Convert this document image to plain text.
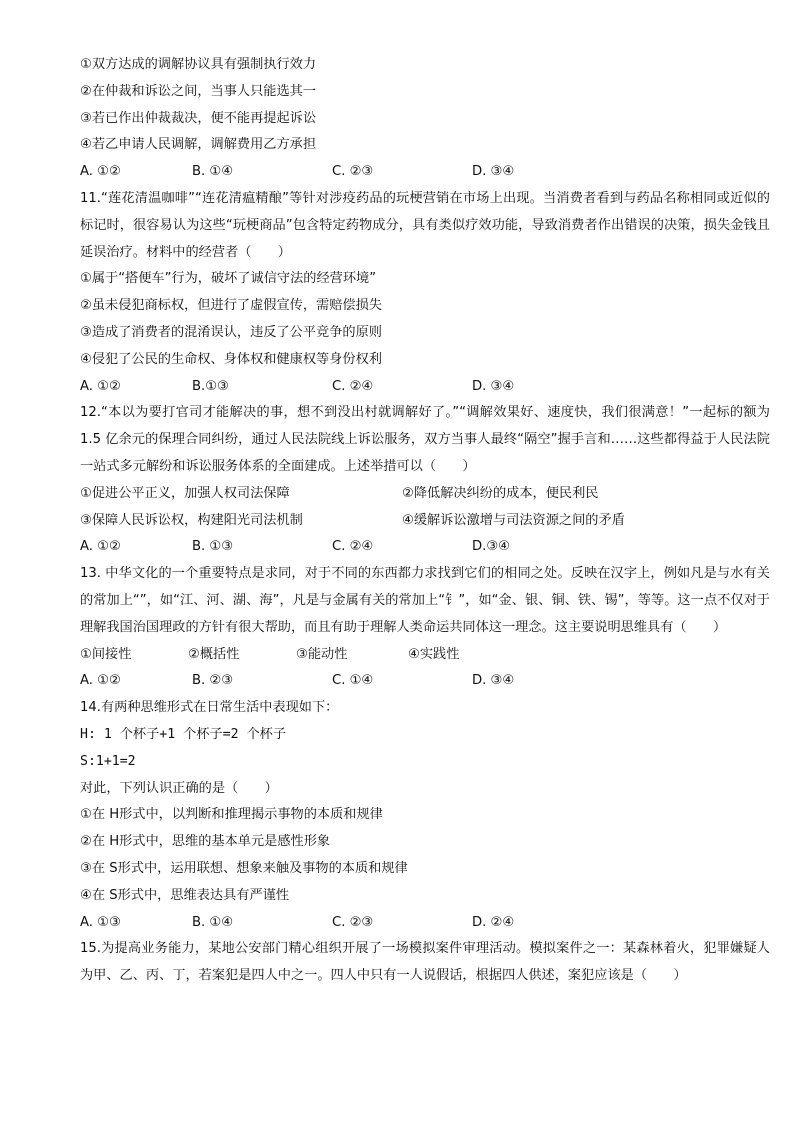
①双方达成的调解协议具有强制执行效力
②在仲裁和诉讼之间，当事人只能选其一
③若已作出仲裁裁决，便不能再提起诉讼
④若乙申请人民调解，调解费用乙方承担
A. ①②	B. ①④	C. ②③	D. ③④
11.“莲花清温咖啡”“连花清瘟精酿”等针对涉疫药品的玩梗营销在市场上出现。当消费者看到与药品名称相同或近似的标记时，很容易认为这些“玩梗商品”包含特定药物成分，具有类似疗效功能，导致消费者作出错误的决策，损失金钱且延误治疗。材料中的经营者（　　）
①属于“搭便车”行为，破坏了诚信守法的经营环境”
②虽未侵犯商标权，但进行了虚假宣传，需赔偿损失
③造成了消费者的混淆误认，违反了公平竞争的原则
④侵犯了公民的生命权、身体权和健康权等身份权利
A. ①②	B.①③	C. ②④	D. ③④
12.“本以为要打官司才能解决的事，想不到没出村就调解好了。”“调解效果好、速度快，我们很满意！”一起标的额为 1.5 亿余元的保理合同纠纷，通过人民法院线上诉讼服务，双方当事人最终“隔空”握手言和……这些都得益于人民法院一站式多元解纷和诉讼服务体系的全面建成。上述举措可以（　　）
①促进公平正义，加强人权司法保障	②降低解决纠纷的成本，便民利民
③保障人民诉讼权，构建阳光司法机制	④缓解诉讼激增与司法资源之间的矛盾
A. ①②	B. ①③	C. ②④	D.③④
13. 中华文化的一个重要特点是求同，对于不同的东西都力求找到它们的相同之处。反映在汉字上，例如凡是与水有关的常加上“”，如“江、河、湖、海”，凡是与金属有关的常加上“钅”，如“金、银、铜、铁、锡”，等等。这一点不仅对于理解我国治国理政的方针有很大帮助，而且有助于理解人类命运共同体这一理念。这主要说明思维具有（　　）
①间接性	②概括性	③能动性	④实践性
A. ①②	B. ②③	C. ①④	D. ③④
14.有两种思维形式在日常生活中表现如下：
H: 1 个杯子+1 个杯子=2 个杯子
S:1+1=2
对此，下列认识正确的是（　　）
①在 H形式中，以判断和推理揭示事物的本质和规律
②在 H形式中，思维的基本单元是感性形象
③在 S形式中，运用联想、想象来触及事物的本质和规律
④在 S形式中，思维表达具有严谨性
A. ①③	B. ①④	C. ②③	D. ②④
15.为提高业务能力，某地公安部门精心组织开展了一场模拟案件审理活动。模拟案件之一：某森林着火，犯罪嫌疑人为甲、乙、丙、丁，若案犯是四人中之一。四人中只有一人说假话，根据四人供述，案犯应该是（　　）
